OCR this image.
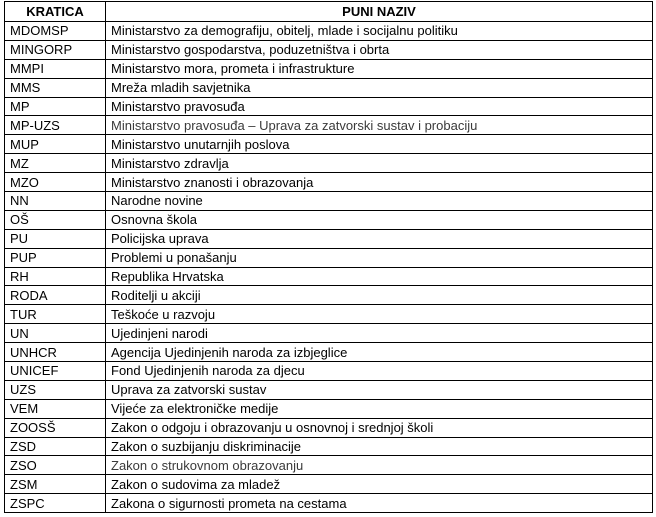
KRATICA	PUNI NAZIV
MDOMSP	Ministarstvo za demografiju, obitelj, mlade i socijalnu politiku
MINGORP	Ministarstvo gospodarstva, poduzetništva i obrta
MMPI	Ministarstvo mora, prometa i infrastrukture
MMS	Mreža mladih savjetnika
MP	Ministarstvo pravosuđa
MP-UZS	Ministarstvo pravosuđa – Uprava za zatvorski sustav i probaciju
MUP	Ministarstvo unutarnjih poslova
MZ	Ministarstvo zdravlja
MZO	Ministarstvo znanosti i obrazovanja
NN	Narodne novine
OŠ	Osnovna škola
PU	Policijska uprava
PUP	Problemi u ponašanju
RH	Republika Hrvatska
RODA	Roditelji u akciji
TUR	Teškoće u razvoju
UN	Ujedinjeni narodi
UNHCR	Agencija Ujedinjenih naroda za izbjeglice
UNICEF	Fond Ujedinjenih naroda za djecu
UZS	Uprava za zatvorski sustav
VEM	Vijeće za elektroničke medije
ZOOSŠ	Zakon o odgoju i obrazovanju u osnovnoj i srednjoj školi
ZSD	Zakon o suzbijanju diskriminacije
ZSO	Zakon o strukovnom obrazovanju
ZSM	Zakon o sudovima za mladež
ZSPC	Zakona o sigurnosti prometa na cestama
